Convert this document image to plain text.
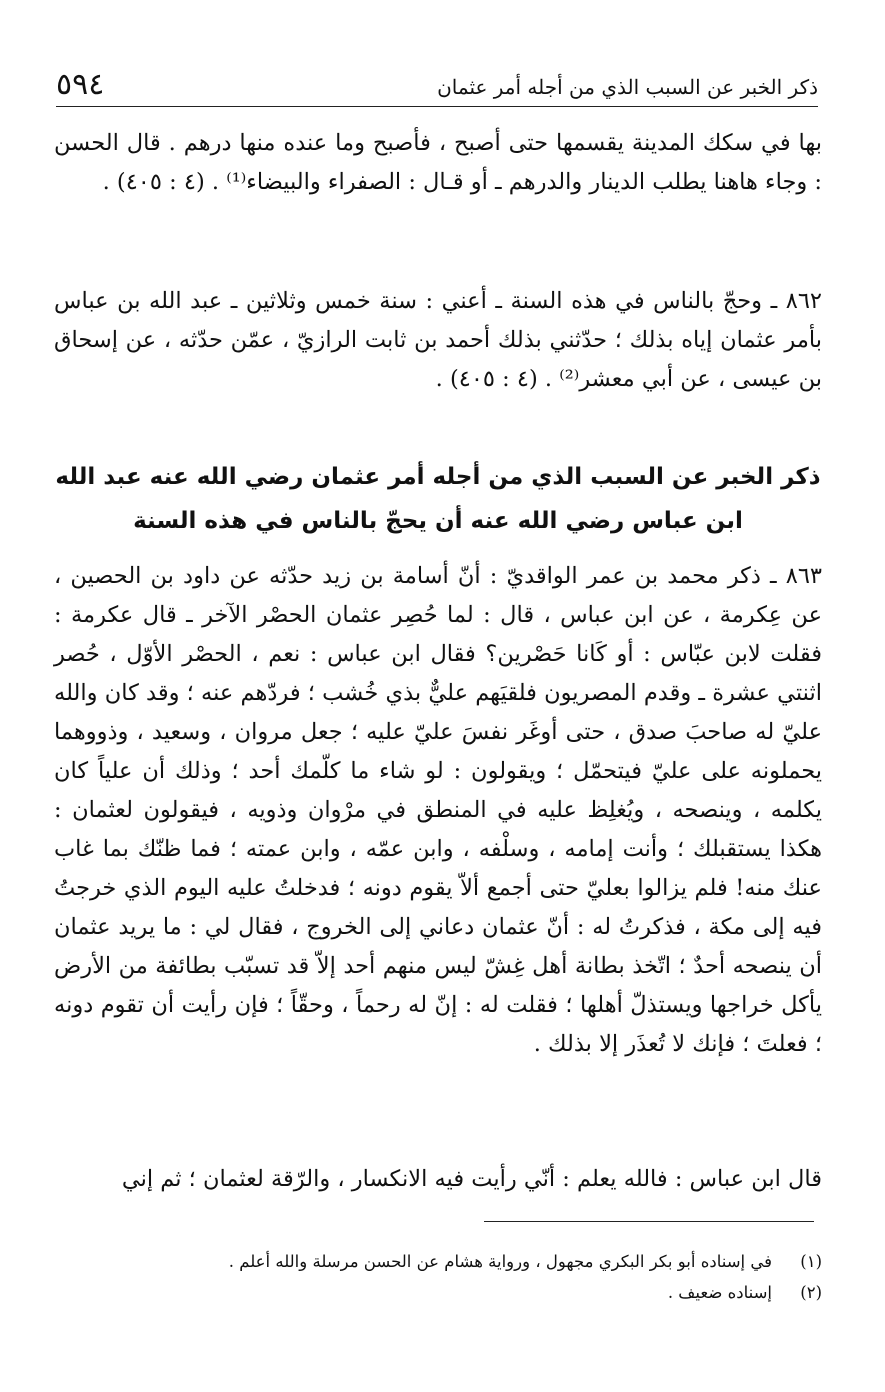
ذكر الخبر عن السبب الذي من أجله أمر عثمان
٥٩٤

بها في سكك المدينة يقسمها حتى أصبح ، فأصبح وما عنده منها درهم . قال الحسن : وجاء هاهنا يطلب الدينار والدرهم ـ أو قـال : الصفراء والبيضاء⁽¹⁾ . (٤ : ٤٠٥) .

٨٦٢ ـ وحجّ بالناس في هذه السنة ـ أعني : سنة خمس وثلاثين ـ عبد الله بن عباس بأمر عثمان إياه بذلك ؛ حدّثني بذلك أحمد بن ثابت الرازيّ ، عمّن حدّثه ، عن إسحاق بن عيسى ، عن أبي معشر⁽²⁾ . (٤ : ٤٠٥) .

ذكر الخبر عن السبب الذي من أجله أمر عثمان رضي الله عنه عبد الله
ابن عباس رضي الله عنه أن يحجّ بالناس في هذه السنة

٨٦٣ ـ ذكر محمد بن عمر الواقديّ : أنّ أسامة بن زيد حدّثه عن داود بن الحصين ، عن عِكرمة ، عن ابن عباس ، قال : لما حُصِر عثمان الحصْر الآخر ـ قال عكرمة : فقلت لابن عبّاس : أو كَانا حَصْرين؟ فقال ابن عباس : نعم ، الحصْر الأوّل ، حُصر اثنتي عشرة ـ وقدم المصريون فلقيَهم عليٌّ بذي خُشب ؛ فردّهم عنه ؛ وقد كان والله عليّ له صاحبَ صدق ، حتى أوغَر نفسَ عليّ عليه ؛ جعل مروان ، وسعيد ، وذووهما يحملونه على عليّ فيتحمّل ؛ ويقولون : لو شاء ما كلّمك أحد ؛ وذلك أن علياً كان يكلمه ، وينصحه ، ويُغلِظ عليه في المنطق في مرْوان وذويه ، فيقولون لعثمان : هكذا يستقبلك ؛ وأنت إمامه ، وسلْفه ، وابن عمّه ، وابن عمته ؛ فما ظنّك بما غاب عنك منه! فلم يزالوا بعليّ حتى أجمع ألاّ يقوم دونه ؛ فدخلتُ عليه اليوم الذي خرجتُ فيه إلى مكة ، فذكرتُ له : أنّ عثمان دعاني إلى الخروج ، فقال لي : ما يريد عثمان أن ينصحه أحدٌ ؛ اتّخذ بطانة أهل غِشّ ليس منهم أحد إلاّ قد تسبّب بطائفة من الأرض يأكل خراجها ويستذلّ أهلها ؛ فقلت له : إنّ له رحماً ، وحقّاً ؛ فإن رأيت أن تقوم دونه ؛ فعلتَ ؛ فإنك لا تُعذَر إلا بذلك .

قال ابن عباس : فالله يعلم : أنّي رأيت فيه الانكسار ، والرّقة لعثمان ؛ ثم إني

(١)
في إسناده أبو بكر البكري مجهول ، ورواية هشام عن الحسن مرسلة والله أعلم .
(٢)
إسناده ضعيف .
